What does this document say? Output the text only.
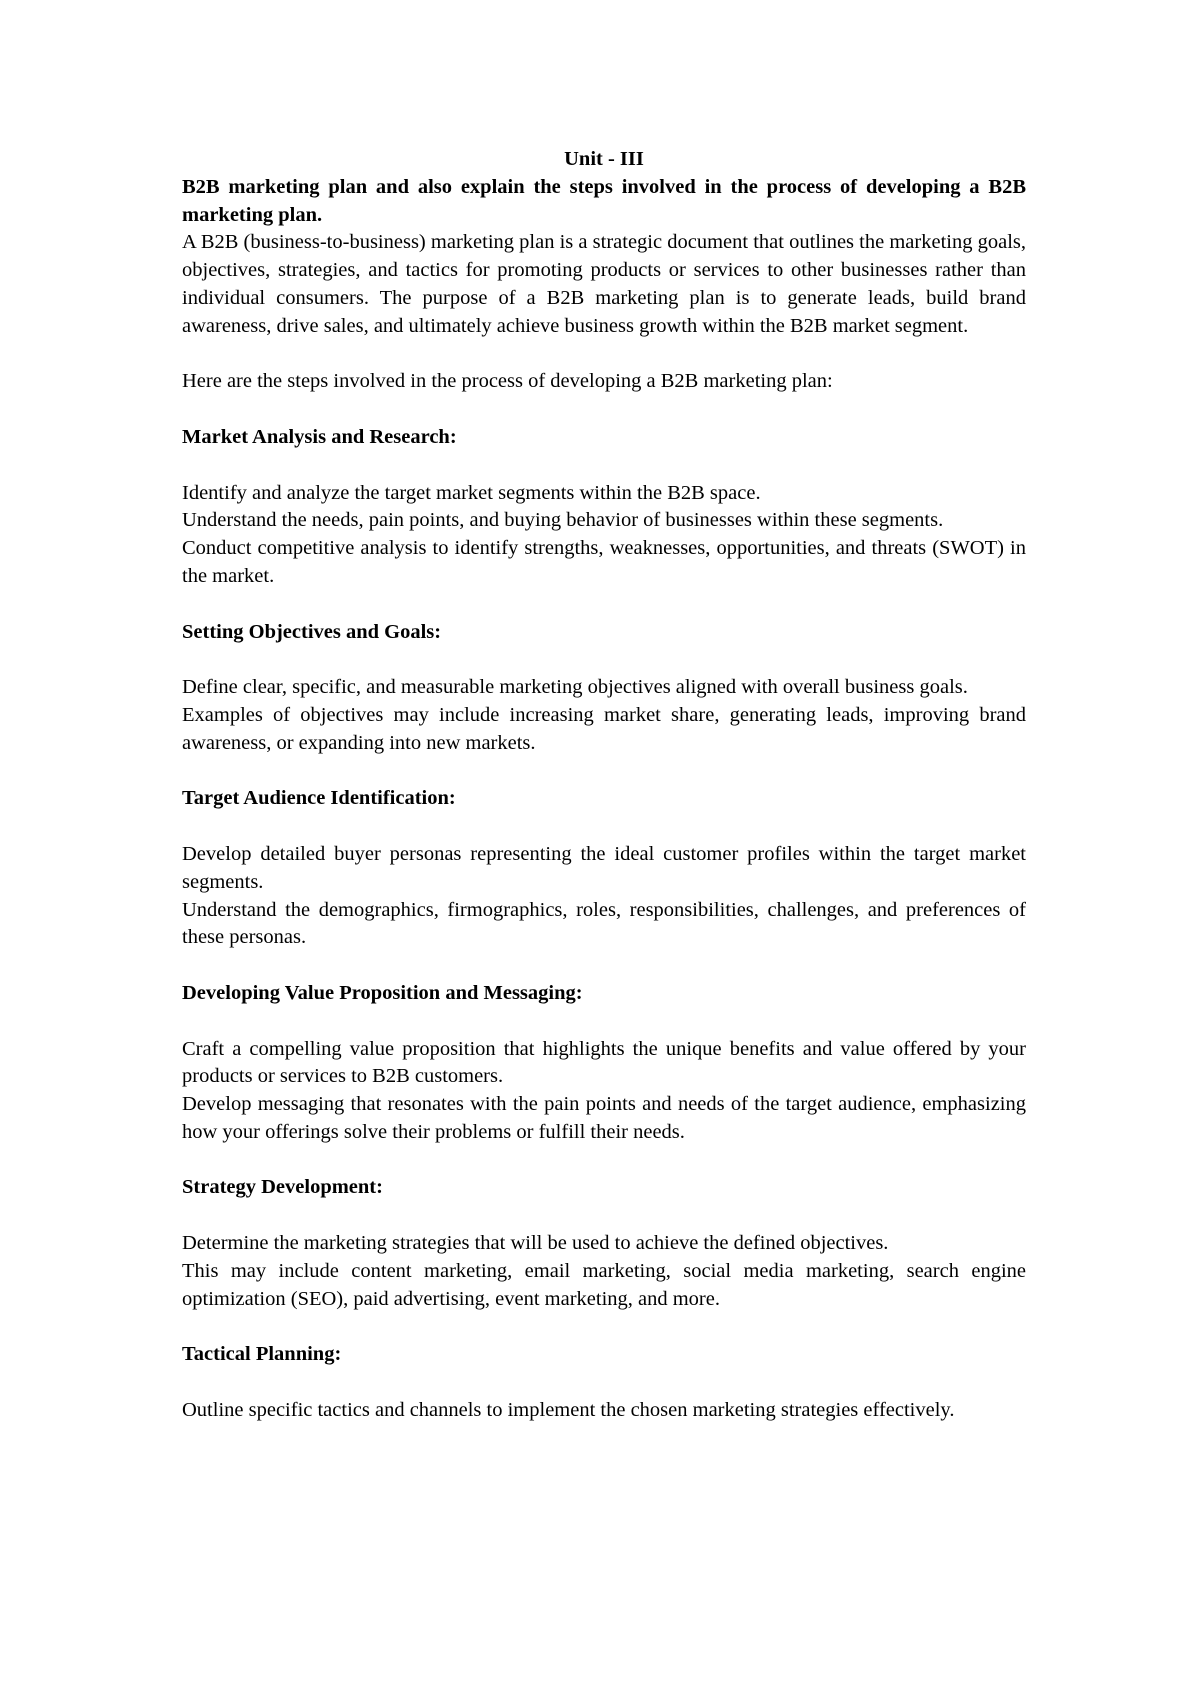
Unit - III

B2B marketing plan and also explain the steps involved in the process of developing a B2B marketing plan.

A B2B (business-to-business) marketing plan is a strategic document that outlines the marketing goals, objectives, strategies, and tactics for promoting products or services to other businesses rather than individual consumers. The purpose of a B2B marketing plan is to generate leads, build brand awareness, drive sales, and ultimately achieve business growth within the B2B market segment.

Here are the steps involved in the process of developing a B2B marketing plan:

Market Analysis and Research:

Identify and analyze the target market segments within the B2B space.

Understand the needs, pain points, and buying behavior of businesses within these segments.

Conduct competitive analysis to identify strengths, weaknesses, opportunities, and threats (SWOT) in the market.

Setting Objectives and Goals:

Define clear, specific, and measurable marketing objectives aligned with overall business goals.

Examples of objectives may include increasing market share, generating leads, improving brand awareness, or expanding into new markets.

Target Audience Identification:

Develop detailed buyer personas representing the ideal customer profiles within the target market segments.

Understand the demographics, firmographics, roles, responsibilities, challenges, and preferences of these personas.

Developing Value Proposition and Messaging:

Craft a compelling value proposition that highlights the unique benefits and value offered by your products or services to B2B customers.

Develop messaging that resonates with the pain points and needs of the target audience, emphasizing how your offerings solve their problems or fulfill their needs.

Strategy Development:

Determine the marketing strategies that will be used to achieve the defined objectives.

This may include content marketing, email marketing, social media marketing, search engine optimization (SEO), paid advertising, event marketing, and more.

Tactical Planning:

Outline specific tactics and channels to implement the chosen marketing strategies effectively.
